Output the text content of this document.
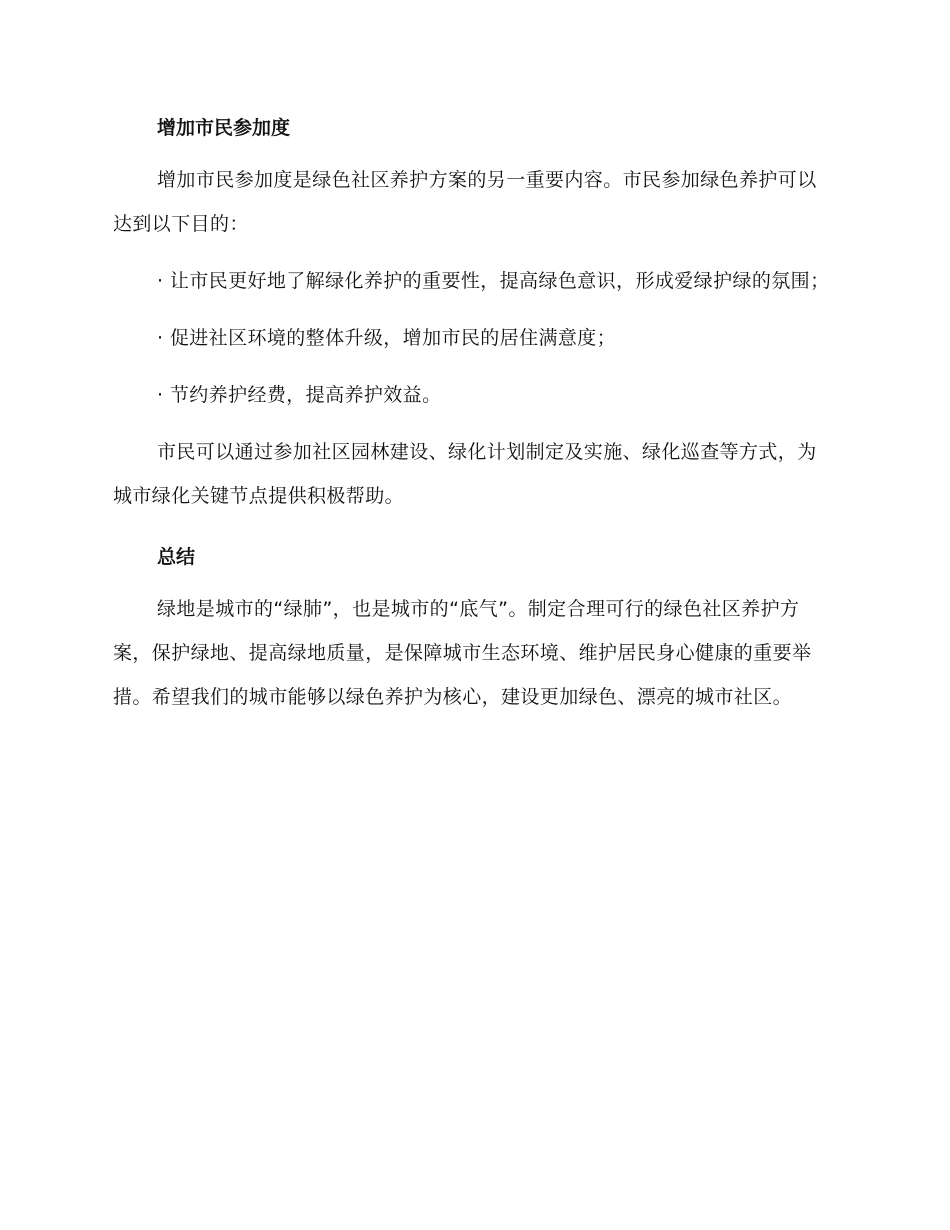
增加市民参加度

增加市民参加度是绿色社区养护方案的另一重要内容。市民参加绿色养护可以达到以下目的：

· 让市民更好地了解绿化养护的重要性，提高绿色意识，形成爱绿护绿的氛围；

· 促进社区环境的整体升级，增加市民的居住满意度；

· 节约养护经费，提高养护效益。

市民可以通过参加社区园林建设、绿化计划制定及实施、绿化巡查等方式，为城市绿化关键节点提供积极帮助。

总结

绿地是城市的“绿肺”，也是城市的“底气”。制定合理可行的绿色社区养护方案，保护绿地、提高绿地质量，是保障城市生态环境、维护居民身心健康的重要举措。希望我们的城市能够以绿色养护为核心，建设更加绿色、漂亮的城市社区。
